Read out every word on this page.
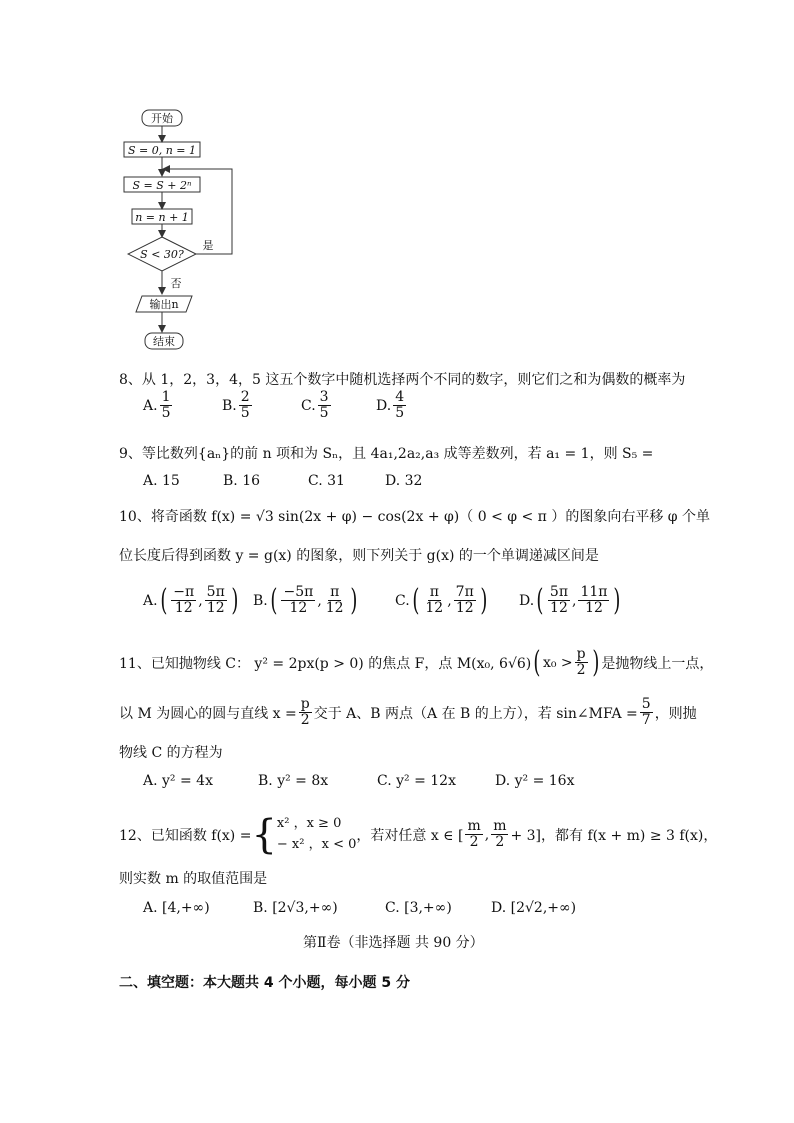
开始
S = 0, n = 1
S = S + 2ⁿ
n = n + 1
S < 30?
是
否
输出n
结束
8、从 1，2，3，4，5 这五个数字中随机选择两个不同的数字，则它们之和为偶数的概率为
A. $\frac{1}{5}$	B. $\frac{2}{5}$	C. $\frac{3}{5}$	D. $\frac{4}{5}$
9、等比数列{aₙ}的前 n 项和为 Sₙ，且 4a₁,2a₂,a₃ 成等差数列，若 a₁ = 1，则 S₅ =
A. 15	B. 16	C. 31	D. 32
10、将奇函数 f(x) = √3 sin(2x + φ) − cos(2x + φ)（ 0 < φ < π ）的图象向右平移 φ 个单
位长度后得到函数 y = g(x) 的图象，则下列关于 g(x) 的一个单调递减区间是
A. ( $\frac{-\pi}{12}$ , $\frac{5\pi}{12}$ ) B. ( $\frac{-5\pi}{12}$ , $\frac{\pi}{12}$ )	C. ( $\frac{\pi}{12}$ , $\frac{7\pi}{12}$ ) D. ( $\frac{5\pi}{12}$ , $\frac{11\pi}{12}$ )
11、已知抛物线 C： y² = 2px(p > 0) 的焦点 F，点 M(x₀, 6√6) ( $x_0 > \frac{p}{2}$ ) 是抛物线上一点，
以 M 为圆心的圆与直线 $x = \frac{p}{2}$ 交于 A、B 两点（A 在 B 的上方），若 sin∠MFA = $\frac{5}{7}$ ，则抛
物线 C 的方程为
A. y² = 4x	B. y² = 8x	C. y² = 12x	D. y² = 16x
12、已知函数 f(x) = { x² ，x ≥ 0
− x² ，x < 0
，若对任意 x ∈ [ $\frac{m}{2}$ , $\frac{m}{2} + 3$]，都有 f(x + m) ≥ 3 f(x)，
则实数 m 的取值范围是
A. [4,+∞)	B. [2√3,+∞)	C. [3,+∞)	D. [2√2,+∞)
第Ⅱ卷（非选择题 共 90 分）
二、填空题：本大题共 4 个小题，每小题 5 分
